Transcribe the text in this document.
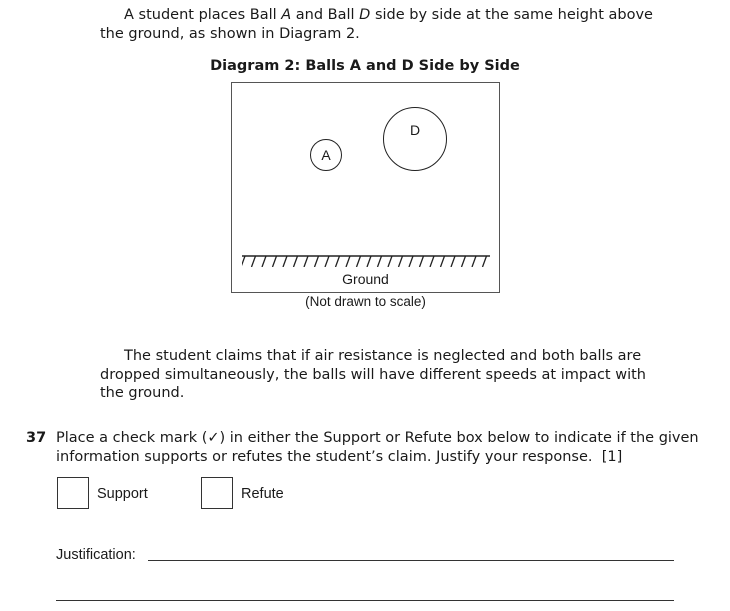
A student places Ball A and Ball D side by side at the same height above the ground, as shown in Diagram 2.

Diagram 2: Balls A and D Side by Side
A
D
Ground
(Not drawn to scale)

The student claims that if air resistance is neglected and both balls are dropped simultaneously, the balls will have different speeds at impact with the ground.

37 Place a check mark (✓) in either the Support or Refute box below to indicate if the given information supports or refutes the student’s claim. Justify your response.  [1]

Support	Refute
Justification:
